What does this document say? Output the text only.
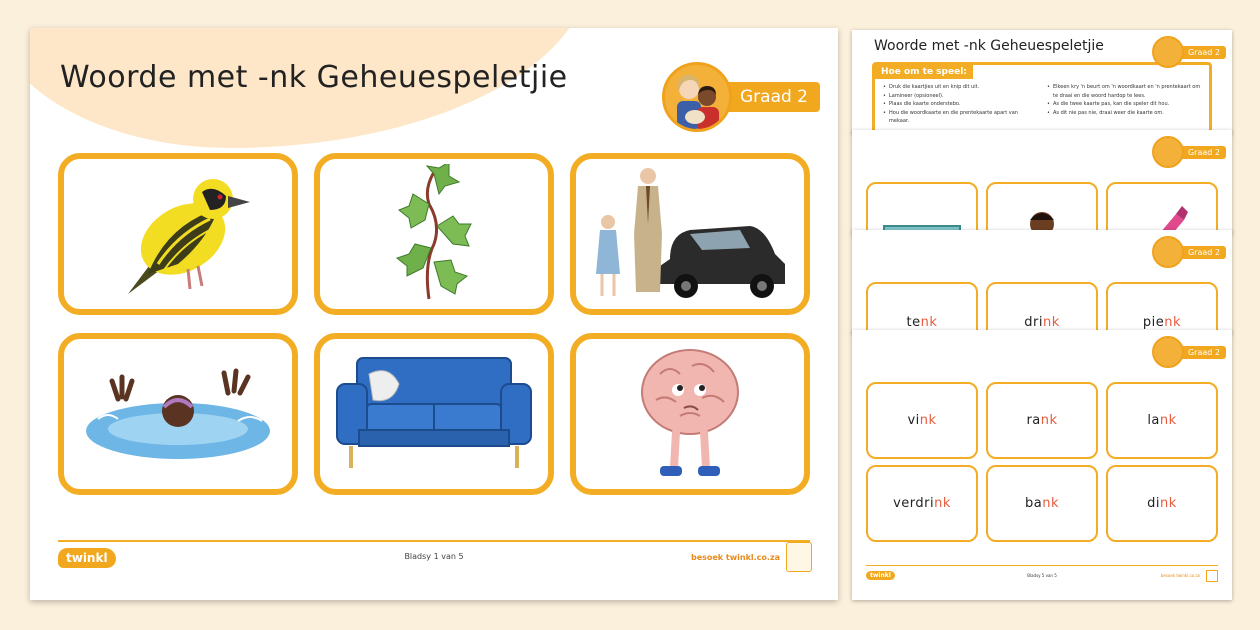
Woorde met -nk Geheuespeletjie
Graad 2
twinkl	Bladsy 1 van 5	besoek twinkl.co.za
Woorde met -nk Geheuespeletjie	Graad 2
Hoe om te speel:
• Druk die kaartjies uit en knip dit uit.
• Lamineer (opsioneel).
• Plaas die kaarte onderstebo.
• Hou die woordkaarte en die prentekaarte apart van mekaar.
• Elkeen kry 'n beurt om 'n woordkaart en 'n prentekaart om te draai en die woord hardop te lees.
• As die twee kaarte pas, kan die speler dit hou.
• As dit nie pas nie, draai weer die kaarte om.
Graad 2
Graad 2
tenk	drink	pienk
Graad 2
vink	rank	lank
verdrink	bank	dink
twinkl	Bladsy 5 van 5	besoek twinkl.co.za
